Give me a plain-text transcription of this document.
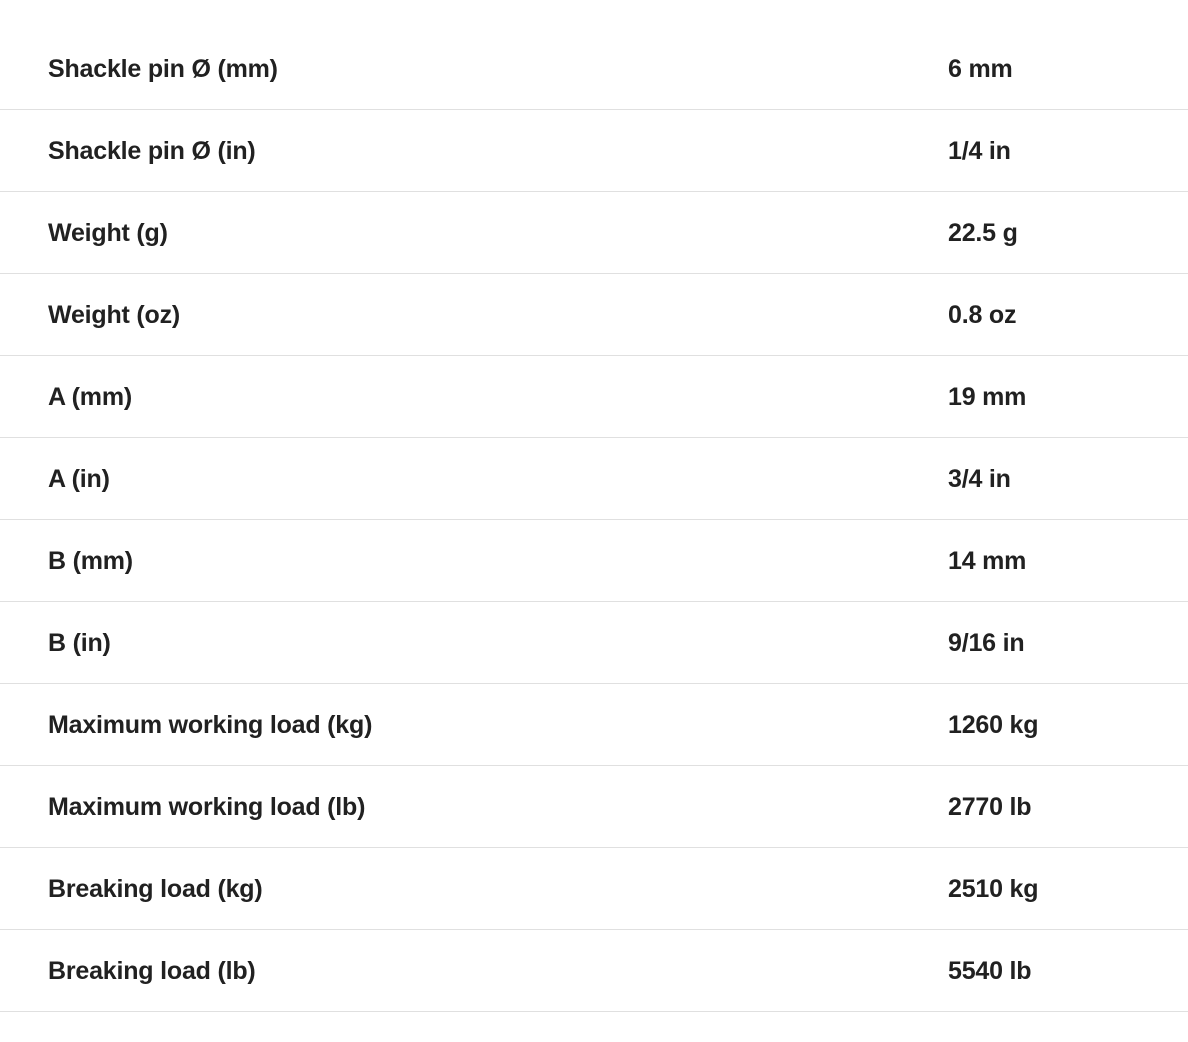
Shackle pin Ø (mm)	6 mm
Shackle pin Ø (in)	1/4 in
Weight (g)	22.5 g
Weight (oz)	0.8 oz
A (mm)	19 mm
A (in)	3/4 in
B (mm)	14 mm
B (in)	9/16 in
Maximum working load (kg)	1260 kg
Maximum working load (lb)	2770 lb
Breaking load (kg)	2510 kg
Breaking load (lb)	5540 lb
